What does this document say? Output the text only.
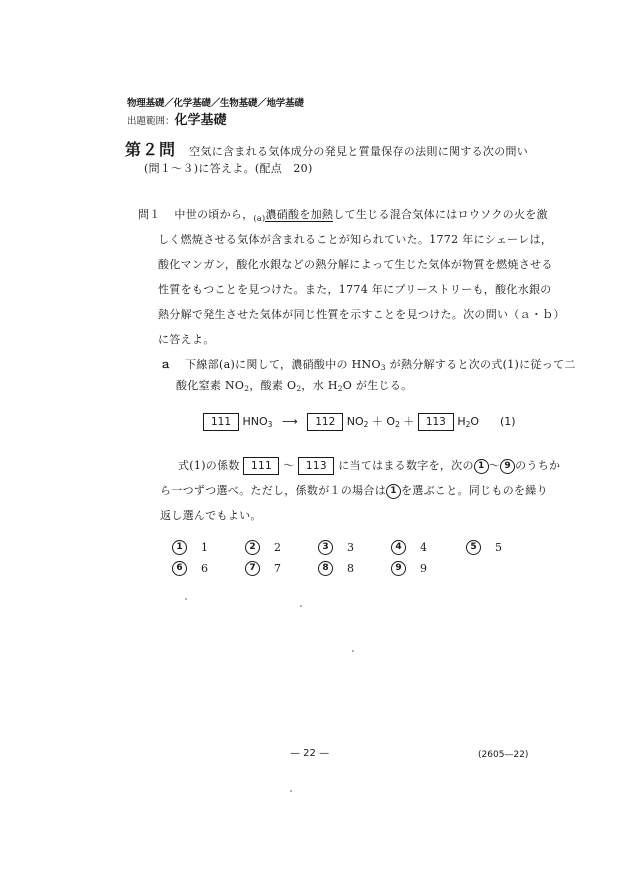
物理基礎／化学基礎／生物基礎／地学基礎
出題範囲：化学基礎
第２問 空気に含まれる気体成分の発見と質量保存の法則に関する次の問い
(問１～３)に答えよ。(配点　20)
問１ 中世の頃から，$_{(a)}$濃硝酸を加熱して生じる混合気体にはロウソクの火を激
しく燃焼させる気体が含まれることが知られていた。1772 年にシェーレは，
酸化マンガン，酸化水銀などの熱分解によって生じた気体が物質を燃焼させる
性質をもつことを見つけた。また，1774 年にプリーストリーも，酸化水銀の
熱分解で発生させた気体が同じ性質を示すことを見つけた。次の問い（ａ・ｂ）
に答えよ。
ａ 下線部(a)に関して，濃硝酸中の $HNO_3$ が熱分解すると次の式(1)に従って二
酸化窒素 $NO_2$，酸素 $O_2$，水 $H_2O$ が生じる。
111 $HNO_3$ ⟶ 112 $NO_2 + O_2 + 113$ $H_2O$ (1)
式(1)の係数 111 ～ 113 に当てはまる数字を，次の 1 ～ 9 のうちか
ら一つずつ選べ。ただし，係数が１の場合は 1 を選ぶこと。同じものを繰り
返し選んでもよい。
1 1	2 2	3 3	4 4	5 5
6 6	7 7	8 8	9 9
— 22 —	(2605—22)
